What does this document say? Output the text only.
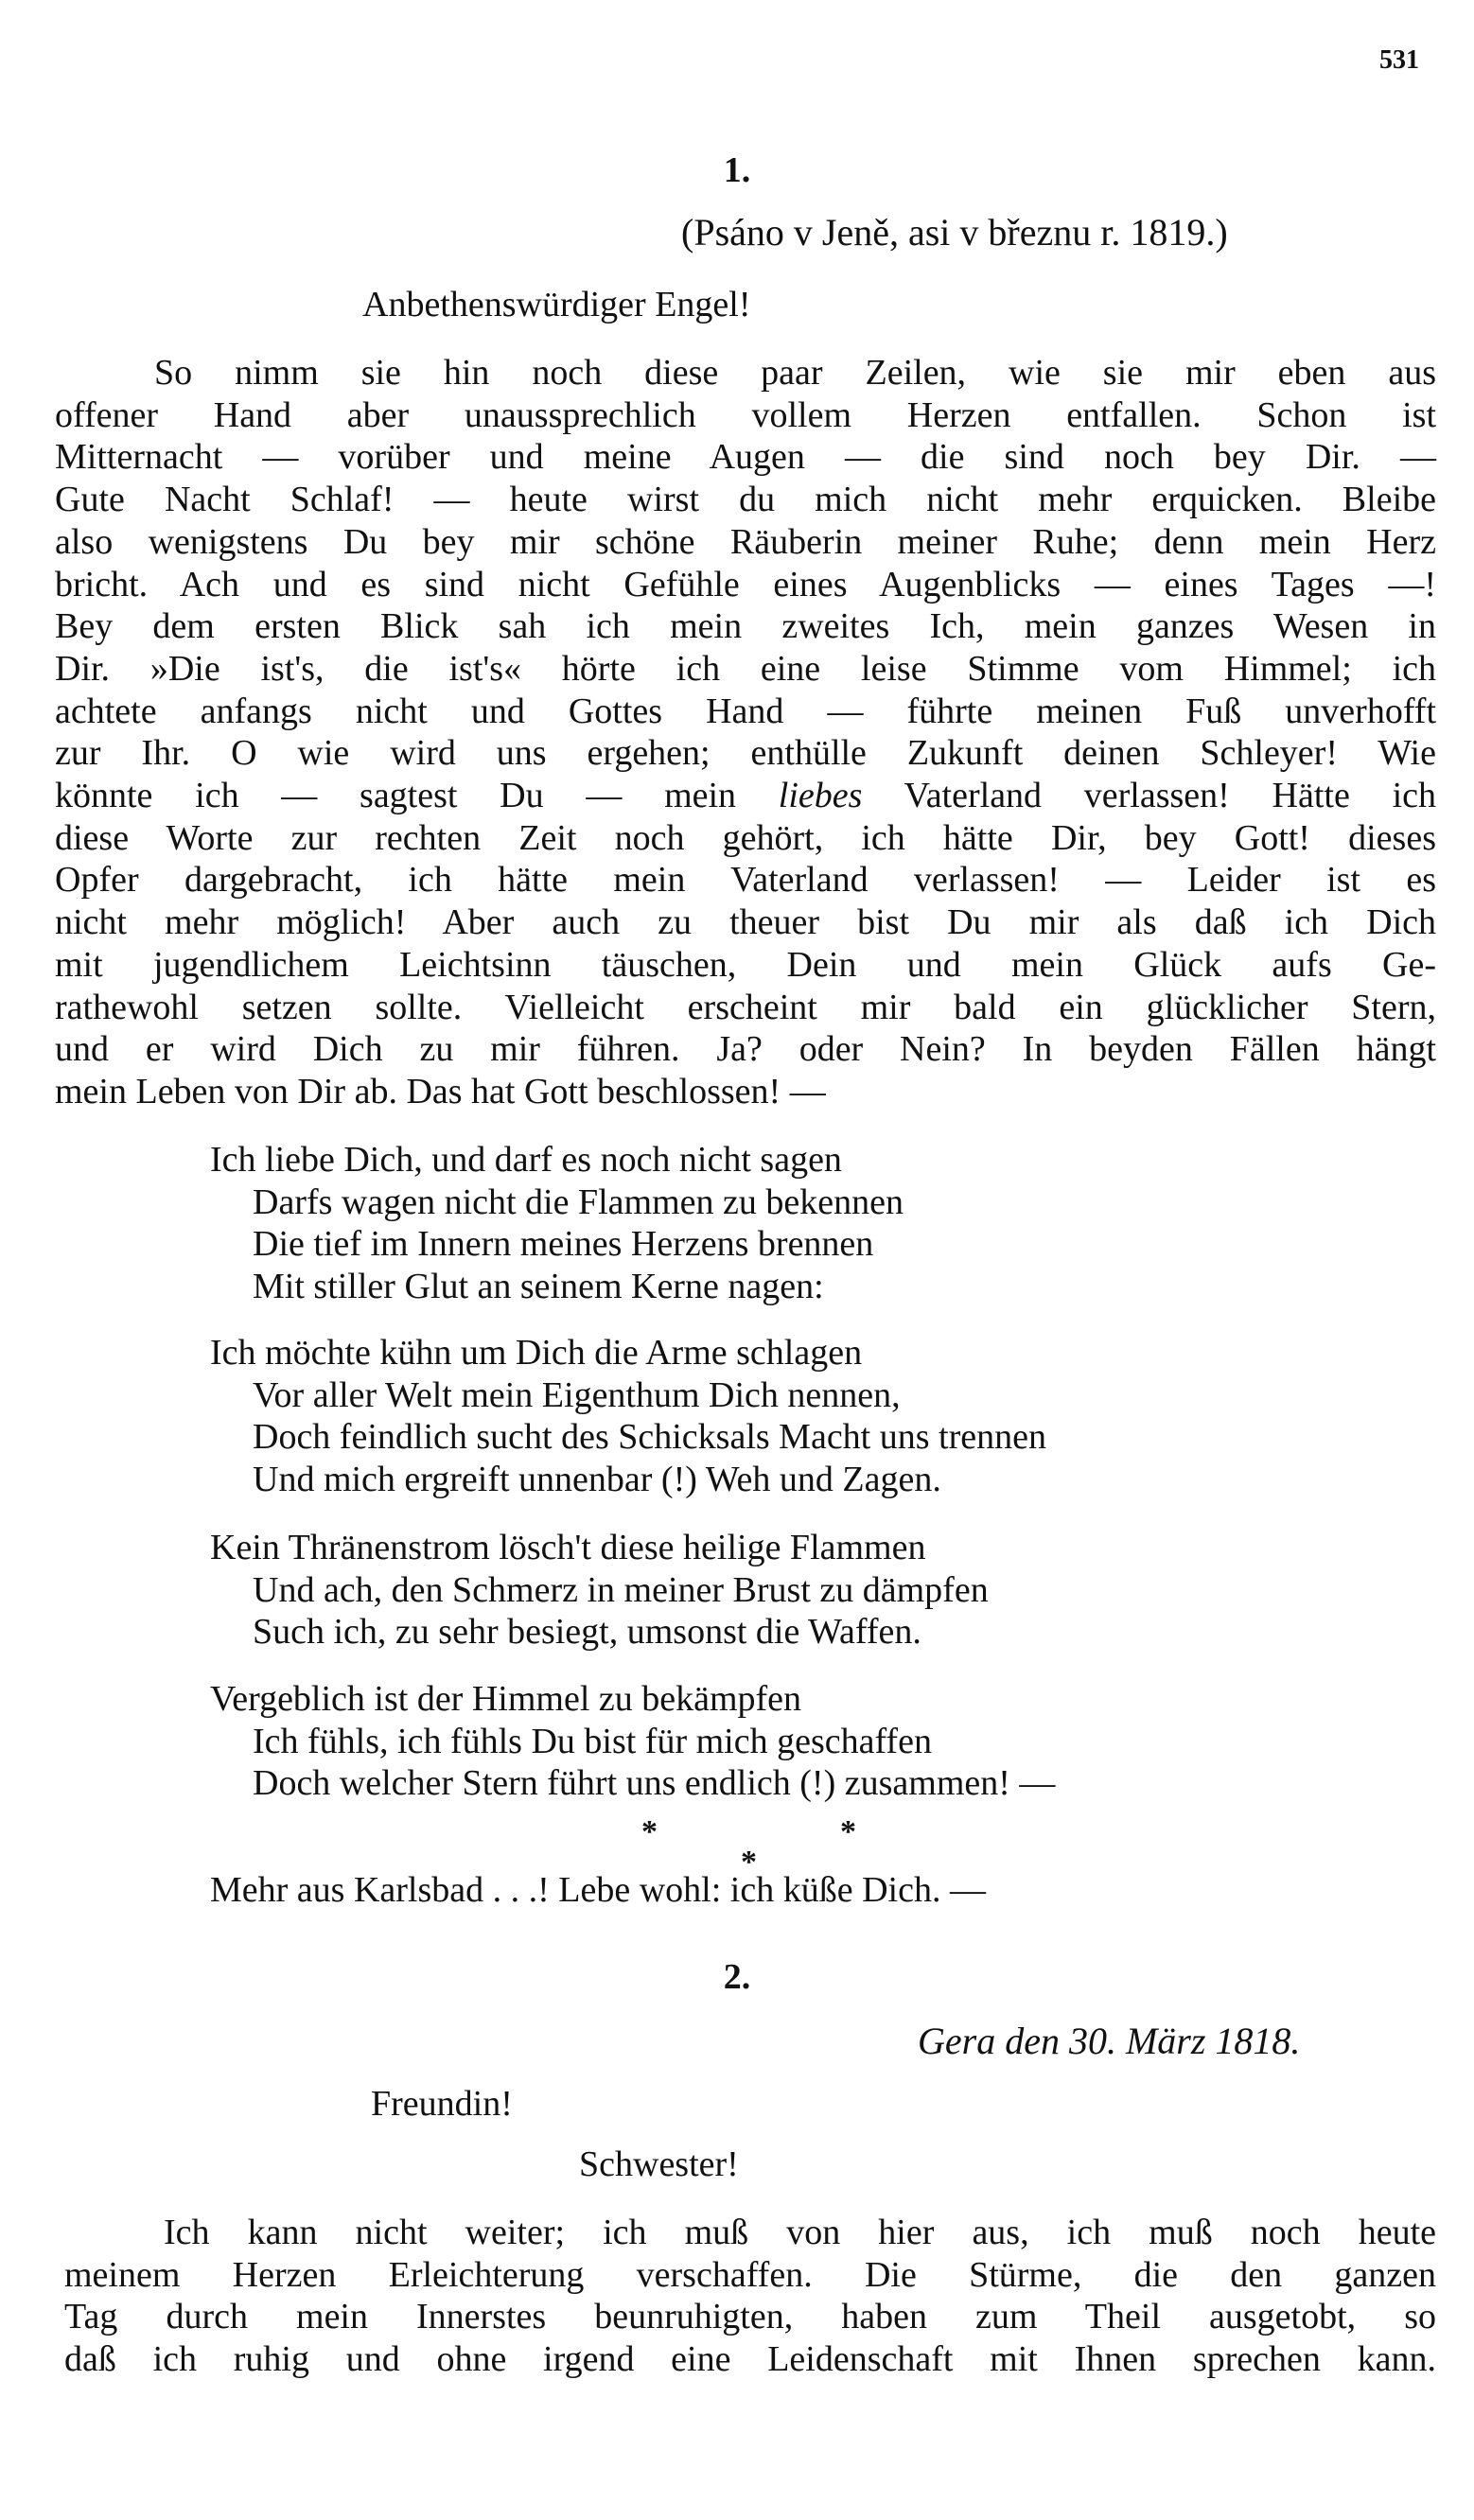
531
1.
(Psáno v Jeně, asi v březnu r. 1819.)
Anbethenswürdiger Engel!
So nimm sie hin noch diese paar Zeilen, wie sie mir eben aus
offener Hand aber unaussprechlich vollem Herzen entfallen. Schon ist
Mitternacht — vorüber und meine Augen — die sind noch bey Dir. —
Gute Nacht Schlaf! — heute wirst du mich nicht mehr erquicken. Bleibe
also wenigstens Du bey mir schöne Räuberin meiner Ruhe; denn mein Herz
bricht. Ach und es sind nicht Gefühle eines Augenblicks — eines Tages —!
Bey dem ersten Blick sah ich mein zweites Ich, mein ganzes Wesen in
Dir. »Die ist's, die ist's« hörte ich eine leise Stimme vom Himmel; ich
achtete anfangs nicht und Gottes Hand — führte meinen Fuß unverhofft
zur Ihr. O wie wird uns ergehen; enthülle Zukunft deinen Schleyer! Wie
könnte ich — sagtest Du — mein liebes Vaterland verlassen! Hätte ich
diese Worte zur rechten Zeit noch gehört, ich hätte Dir, bey Gott! dieses
Opfer dargebracht, ich hätte mein Vaterland verlassen! — Leider ist es
nicht mehr möglich! Aber auch zu theuer bist Du mir als daß ich Dich
mit jugendlichem Leichtsinn täuschen, Dein und mein Glück aufs Ge-
rathewohl setzen sollte. Vielleicht erscheint mir bald ein glücklicher Stern,
und er wird Dich zu mir führen. Ja? oder Nein? In beyden Fällen hängt
mein Leben von Dir ab. Das hat Gott beschlossen! —
Ich liebe Dich, und darf es noch nicht sagen
Darfs wagen nicht die Flammen zu bekennen
Die tief im Innern meines Herzens brennen
Mit stiller Glut an seinem Kerne nagen:
Ich möchte kühn um Dich die Arme schlagen
Vor aller Welt mein Eigenthum Dich nennen,
Doch feindlich sucht des Schicksals Macht uns trennen
Und mich ergreift unnenbar (!) Weh und Zagen.
Kein Thränenstrom lösch't diese heilige Flammen
Und ach, den Schmerz in meiner Brust zu dämpfen
Such ich, zu sehr besiegt, umsonst die Waffen.
Vergeblich ist der Himmel zu bekämpfen
Ich fühls, ich fühls Du bist für mich geschaffen
Doch welcher Stern führt uns endlich (!) zusammen! —
*	*
*
Mehr aus Karlsbad . . .! Lebe wohl: ich küße Dich. —
2.
Gera den 30. März 1818.
Freundin!
Schwester!
Ich kann nicht weiter; ich muß von hier aus, ich muß noch heute
meinem Herzen Erleichterung verschaffen. Die Stürme, die den ganzen
Tag durch mein Innerstes beunruhigten, haben zum Theil ausgetobt, so
daß ich ruhig und ohne irgend eine Leidenschaft mit Ihnen sprechen kann.
